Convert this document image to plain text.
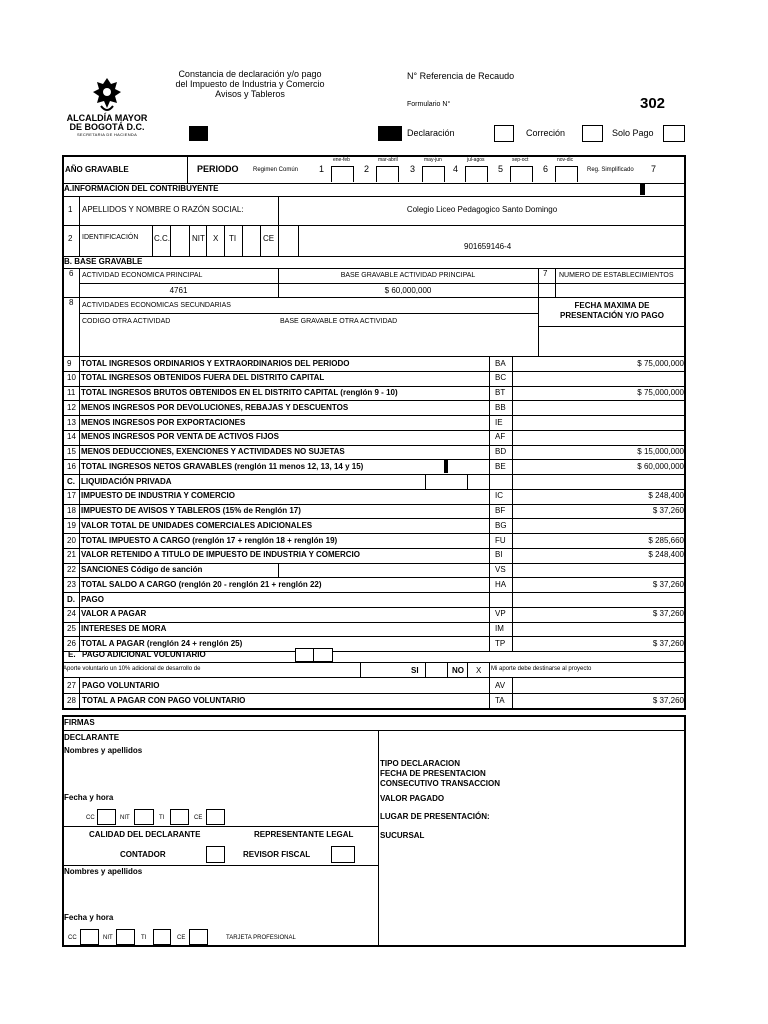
ALCALDÍA MAYOR
DE BOGOTÁ D.C.
SECRETARIA DE HACIENDA
Constancia de declaración y/o pago
del Impuesto de Industria y Comercio
Avisos y Tableros
N° Referencia de Recaudo
Formulario N°	302
Declaración	Correción	Solo Pago
AÑO GRAVABLE	PERIODO Regimen Común
ene-feb
1
mar-abril
2
may-jun
3
jul-agos
4
sep-oct
5
nov-dic
6	Reg. Simplificado 7
A.INFORMACION DEL CONTRIBUYENTE
1 APELLIDOS Y NOMBRE O RAZÓN SOCIAL:	Colegio Liceo Pedagogico Santo Domingo
2 IDENTIFICACIÓN C.C.	NIT X TI	CE
901659146-4
B. BASE GRAVABLE
6 ACTIVIDAD ECONOMICA PRINCIPAL	BASE GRAVABLE ACTIVIDAD PRINCIPAL	7 NUMERO DE ESTABLECIMIENTOS
4761	$ 60,000,000
8 ACTIVIDADES ECONOMICAS SECUNDARIAS
CODIGO OTRA ACTIVIDAD	BASE GRAVABLE OTRA ACTIVIDAD
FECHA MAXIMA DE
PRESENTACIÓN Y/O PAGO
9 TOTAL INGRESOS ORDINARIOS Y EXTRAORDINARIOS DEL PERIODO	BA	$ 75,000,000
10 TOTAL INGRESOS OBTENIDOS FUERA DEL DISTRITO CAPITAL	BC
11 TOTAL INGRESOS BRUTOS OBTENIDOS EN EL DISTRITO CAPITAL (renglón 9 - 10)	BT	$ 75,000,000
12 MENOS INGRESOS POR DEVOLUCIONES, REBAJAS Y DESCUENTOS	BB
13 MENOS INGRESOS POR EXPORTACIONES	IE
14 MENOS INGRESOS POR VENTA DE ACTIVOS FIJOS	AF
15 MENOS DEDUCCIONES, EXENCIONES Y ACTIVIDADES NO SUJETAS	BD	$ 15,000,000
16 TOTAL INGRESOS NETOS GRAVABLES (renglón 11 menos 12, 13, 14 y 15)	BE	$ 60,000,000
C. LIQUIDACIÓN PRIVADA
17 IMPUESTO DE INDUSTRIA Y COMERCIO	IC	$ 248,400
18 IMPUESTO DE AVISOS Y TABLEROS (15% de Renglón 17)	BF	$ 37,260
19 VALOR TOTAL DE UNIDADES COMERCIALES ADICIONALES	BG
20 TOTAL IMPUESTO A CARGO (renglón 17 + renglón 18 + renglón 19)	FU	$ 285,660
21 VALOR RETENIDO A TITULO DE IMPUESTO DE INDUSTRIA Y COMERCIO	BI	$ 248,400
22 SANCIONES Código de sanción	VS
23 TOTAL SALDO A CARGO (renglón 20 - renglón 21 + renglón 22)	HA	$ 37,260
D. PAGO
24 VALOR A PAGAR	VP	$ 37,260
25 INTERESES DE MORA	IM
26 TOTAL A PAGAR (renglón 24 + renglón 25)	TP	$ 37,260
E. PAGO ADICIONAL VOLUNTARIO
Aporte voluntario un 10% adicional de desarrollo de	SI	NO X Mi aporte debe destinarse al proyecto
27 PAGO VOLUNTARIO	AV
28 TOTAL A PAGAR CON PAGO VOLUNTARIO	TA	$ 37,260
FIRMAS
DECLARANTE
Nombres y apellidos
Fecha y hora
CC	NIT	TI	CE
CALIDAD DEL DECLARANTE	REPRESENTANTE LEGAL
CONTADOR	REVISOR FISCAL
Nombres y apellidos
Fecha y hora
CC	NIT	TI	CE	TARJETA PROFESIONAL
TIPO DECLARACION
FECHA DE PRESENTACION
CONSECUTIVO TRANSACCION
VALOR PAGADO
LUGAR DE PRESENTACIÓN:
SUCURSAL
